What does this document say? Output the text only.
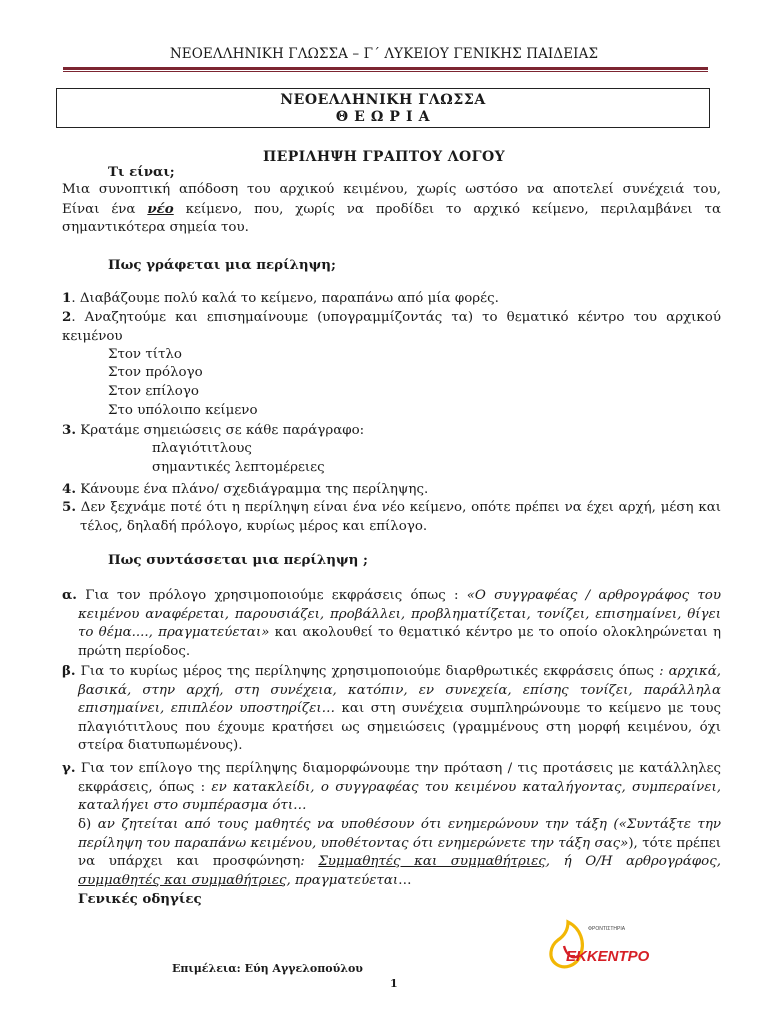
ΝΕΟΕΛΛΗΝΙΚΗ ΓΛΩΣΣΑ – Γ΄ ΛΥΚΕΙΟΥ ΓΕΝΙΚΗΣ ΠΑΙΔΕΙΑΣ
ΝΕΟΕΛΛΗΝΙΚΗ ΓΛΩΣΣΑ
Θ Ε Ω Ρ Ι Α
ΠΕΡΙΛΗΨΗ ΓΡΑΠΤΟΥ ΛΟΓΟΥ
Τι είναι;
Μια συνοπτική απόδοση του αρχικού κειμένου, χωρίς ωστόσο να αποτελεί συνέχειά του,
Είναι ένα νέο κείμενο, που, χωρίς να προδίδει το αρχικό κείμενο, περιλαμβάνει τα
σημαντικότερα σημεία του.
Πως γράφεται μια περίληψη;
1. Διαβάζουμε πολύ καλά το κείμενο, παραπάνω από μία φορές.
2. Αναζητούμε και επισημαίνουμε (υπογραμμίζοντάς τα) το θεματικό κέντρο του αρχικού κειμένου
Στον τίτλο
Στον πρόλογο
Στον επίλογο
Στο υπόλοιπο κείμενο
3. Κρατάμε σημειώσεις σε κάθε παράγραφο:
πλαγιότιτλους
σημαντικές λεπτομέρειες
4. Κάνουμε ένα πλάνο/ σχεδιάγραμμα της περίληψης.
5. Δεν ξεχνάμε ποτέ ότι η περίληψη είναι ένα νέο κείμενο, οπότε πρέπει να έχει αρχή, μέση και τέλος, δηλαδή πρόλογο, κυρίως μέρος και επίλογο.
Πως συντάσσεται μια περίληψη ;
α. Για τον πρόλογο χρησιμοποιούμε εκφράσεις όπως : «Ο συγγραφέας / αρθρογράφος του κειμένου αναφέρεται, παρουσιάζει, προβάλλει, προβληματίζεται, τονίζει, επισημαίνει, θίγει το θέμα...., πραγματεύεται» και ακολουθεί το θεματικό κέντρο με το οποίο ολοκληρώνεται η πρώτη περίοδος.
β. Για το κυρίως μέρος της περίληψης χρησιμοποιούμε διαρθρωτικές εκφράσεις όπως : αρχικά, βασικά, στην αρχή, στη συνέχεια, κατόπιν, εν συνεχεία, επίσης τονίζει, παράλληλα επισημαίνει, επιπλέον υποστηρίζει… και στη συνέχεια συμπληρώνουμε το κείμενο με τους πλαγιότιτλους που έχουμε κρατήσει ως σημειώσεις (γραμμένους στη μορφή κειμένου, όχι στείρα διατυπωμένους).
γ. Για τον επίλογο της περίληψης διαμορφώνουμε την πρόταση / τις προτάσεις με κατάλληλες εκφράσεις, όπως : εν κατακλείδι, ο συγγραφέας του κειμένου καταλήγοντας, συμπεραίνει, καταλήγει στο συμπέρασμα ότι…
δ) αν ζητείται από τους μαθητές να υποθέσουν ότι ενημερώνουν την τάξη («Συντάξτε την περίληψη του παραπάνω κειμένου, υποθέτοντας ότι ενημερώνετε την τάξη σας»), τότε πρέπει να υπάρχει και προσφώνηση: Συμμαθητές και συμμαθήτριες, ή Ο/Η αρθρογράφος, συμμαθητές και συμμαθήτριες, πραγματεύεται…
Γενικές οδηγίες
ΦΡΟΝΤΙΣΤΗΡΙΑ
ΕΚΚΕΝΤΡΟ
Επιμέλεια: Εύη Αγγελοπούλου
1
